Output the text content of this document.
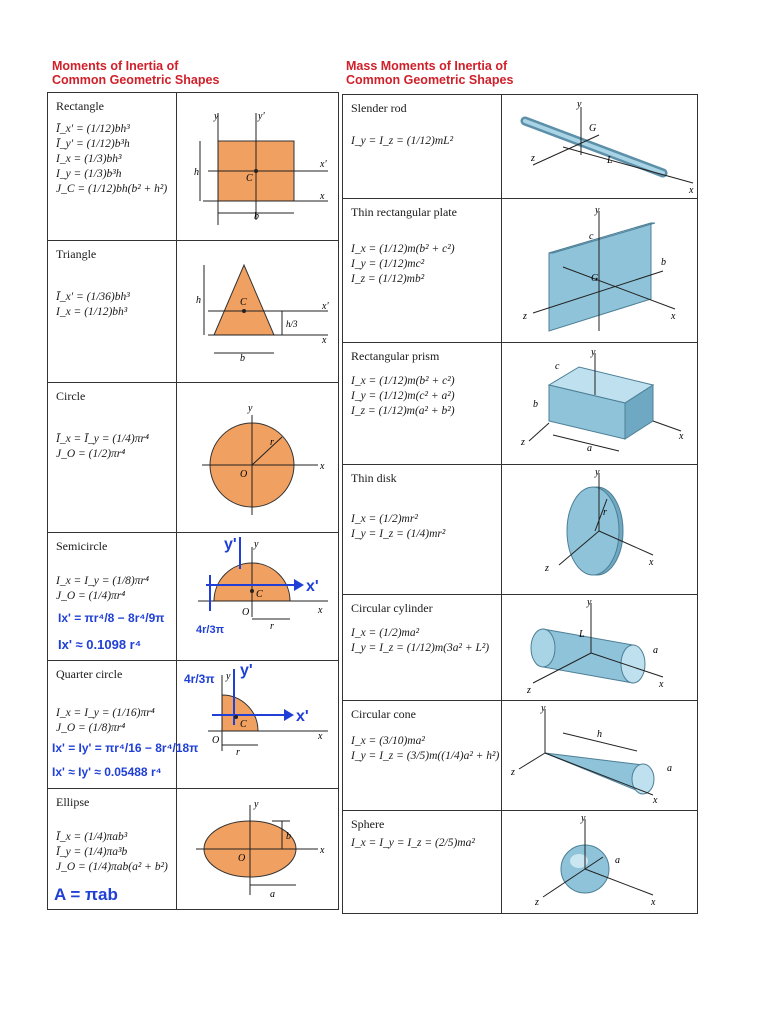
Moments of Inertia of
Common Geometric Shapes
Mass Moments of Inertia of
Common Geometric Shapes
Rectangle
Ī_x' = (1/12)bh³
Ī_y' = (1/12)b³h
I_x = (1/3)bh³
I_y = (1/3)b³h
J_C = (1/12)bh(b² + h²)
y	y'
x'
x
C
h
b
Triangle
Ī_x' = (1/36)bh³
I_x = (1/12)bh³	x'
x
C
h
h/3
b
Circle
Ī_x = Ī_y = (1/4)πr⁴
J_O = (1/2)πr⁴
y
x
O
r
Semicircle
I_x = I_y = (1/8)πr⁴
J_O = (1/4)πr⁴
Ix' = πr⁴/8 − 8r⁴/9π
Ix' ≈ 0.1098 r⁴
y
x
O
C
r
y'
x'
4r/3π
Quarter circle
I_x = I_y = (1/16)πr⁴
J_O = (1/8)πr⁴
Ix' = Iy' = πr⁴/16 − 8r⁴/18π
Ix' ≈ Iy' ≈ 0.05488 r⁴
y
x
O
C
r
4r/3π y'
x'
Ellipse
Ī_x = (1/4)πab³
Ī_y = (1/4)πa³b
J_O = (1/4)πab(a² + b²)
A = πab
y
x
O
b
a
Slender rod
I_y = I_z = (1/12)mL²
y
G
z
x
L
Thin rectangular plate
I_x = (1/12)m(b² + c²)
I_y = (1/12)mc²
I_z = (1/12)mb²
y
G
z	x
b
c
Rectangular prism
I_x = (1/12)m(b² + c²)
I_y = (1/12)m(c² + a²)
I_z = (1/12)m(a² + b²)
y
z
x
a
b
c
Thin disk
I_x = (1/2)mr²
I_y = I_z = (1/4)mr²
y
z
x
r
Circular cylinder
I_x = (1/2)ma²
I_y = I_z = (1/12)m(3a² + L²)
y
z
x
a
L
Circular cone
I_x = (3/10)ma²
I_y = I_z = (3/5)m((1/4)a² + h²)
y
z
x
a
h
Sphere
I_x = I_y = I_z = (2/5)ma²
y
z	x
a
